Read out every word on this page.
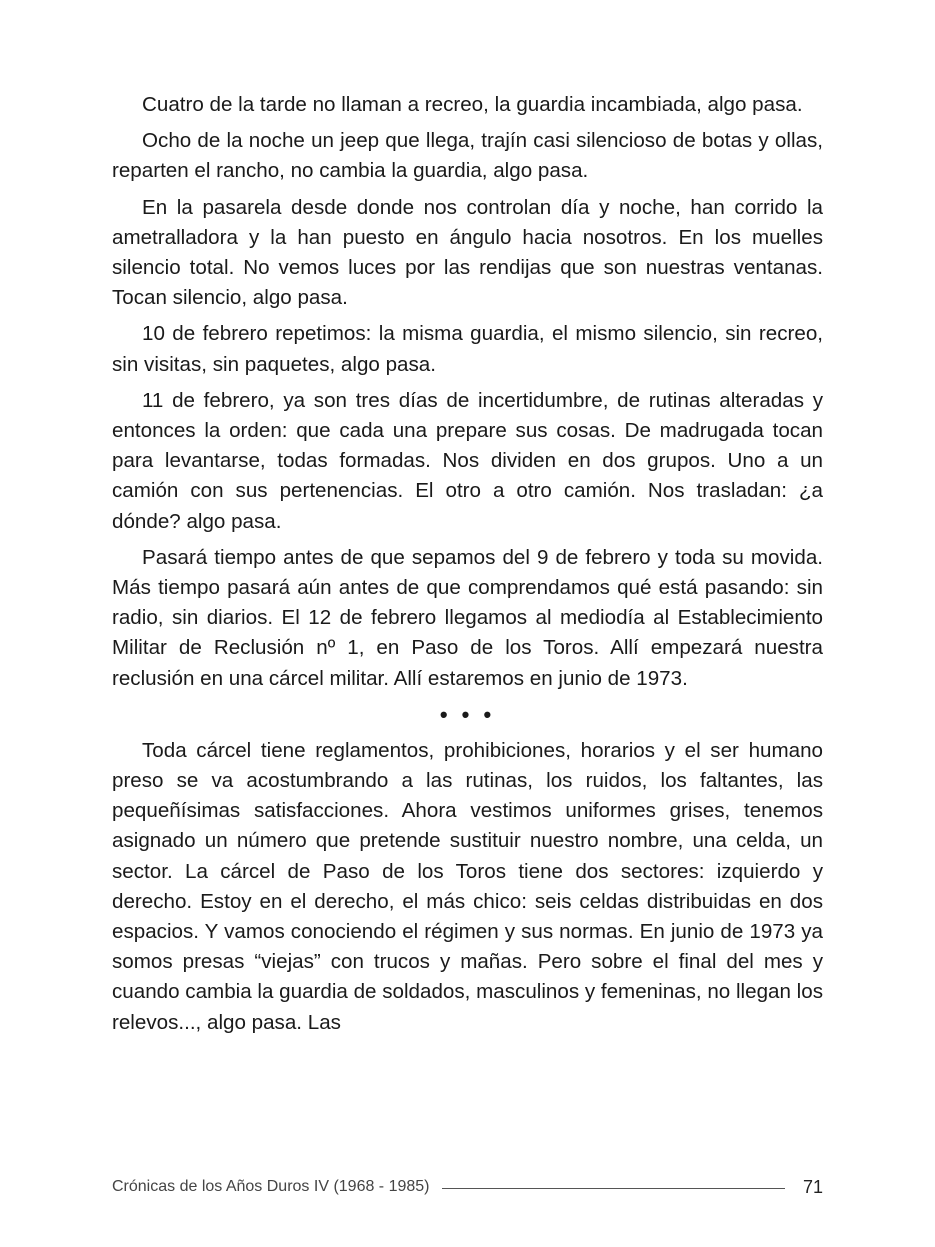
Cuatro de la tarde no llaman a recreo, la guardia incambiada, algo pasa.

Ocho de la noche un jeep que llega, trajín casi silencioso de botas y ollas, reparten el rancho, no cambia la guardia, algo pasa.

En la pasarela desde donde nos controlan día y noche, han corrido la ametralladora y la han puesto en ángulo hacia nosotros. En los muelles silencio total. No vemos luces por las rendijas que son nuestras ventanas. Tocan silencio, algo pasa.

10 de febrero repetimos: la misma guardia, el mismo silencio, sin recreo, sin visitas, sin paquetes, algo pasa.

11 de febrero, ya son tres días de incertidumbre, de rutinas alteradas y entonces la orden: que cada una prepare sus cosas. De madrugada tocan para levantarse, todas formadas. Nos dividen en dos grupos. Uno a un camión con sus pertenencias. El otro a otro camión. Nos trasladan: ¿a dónde? algo pasa.

Pasará tiempo antes de que sepamos del 9 de febrero y toda su movida. Más tiempo pasará aún antes de que comprendamos qué está pasando: sin radio, sin diarios. El 12 de febrero llegamos al mediodía al Establecimiento Militar de Reclusión nº 1, en Paso de los Toros. Allí empezará nuestra reclusión en una cárcel militar. Allí estaremos en junio de 1973.

• • •

Toda cárcel tiene reglamentos, prohibiciones, horarios y el ser humano preso se va acostumbrando a las rutinas, los ruidos, los faltantes, las pequeñísimas satisfacciones. Ahora vestimos uniformes grises, tenemos asignado un número que pretende sustituir nuestro nombre, una celda, un sector. La cárcel de Paso de los Toros tiene dos sectores: izquierdo y derecho. Estoy en el derecho, el más chico: seis celdas distribuidas en dos espacios. Y vamos conociendo el régimen y sus normas. En junio de 1973 ya somos presas “viejas” con trucos y mañas. Pero sobre el final del mes y cuando cambia la guardia de soldados, masculinos y femeninas, no llegan los relevos..., algo pasa. Las

Crónicas de los Años Duros IV (1968 - 1985)	71
